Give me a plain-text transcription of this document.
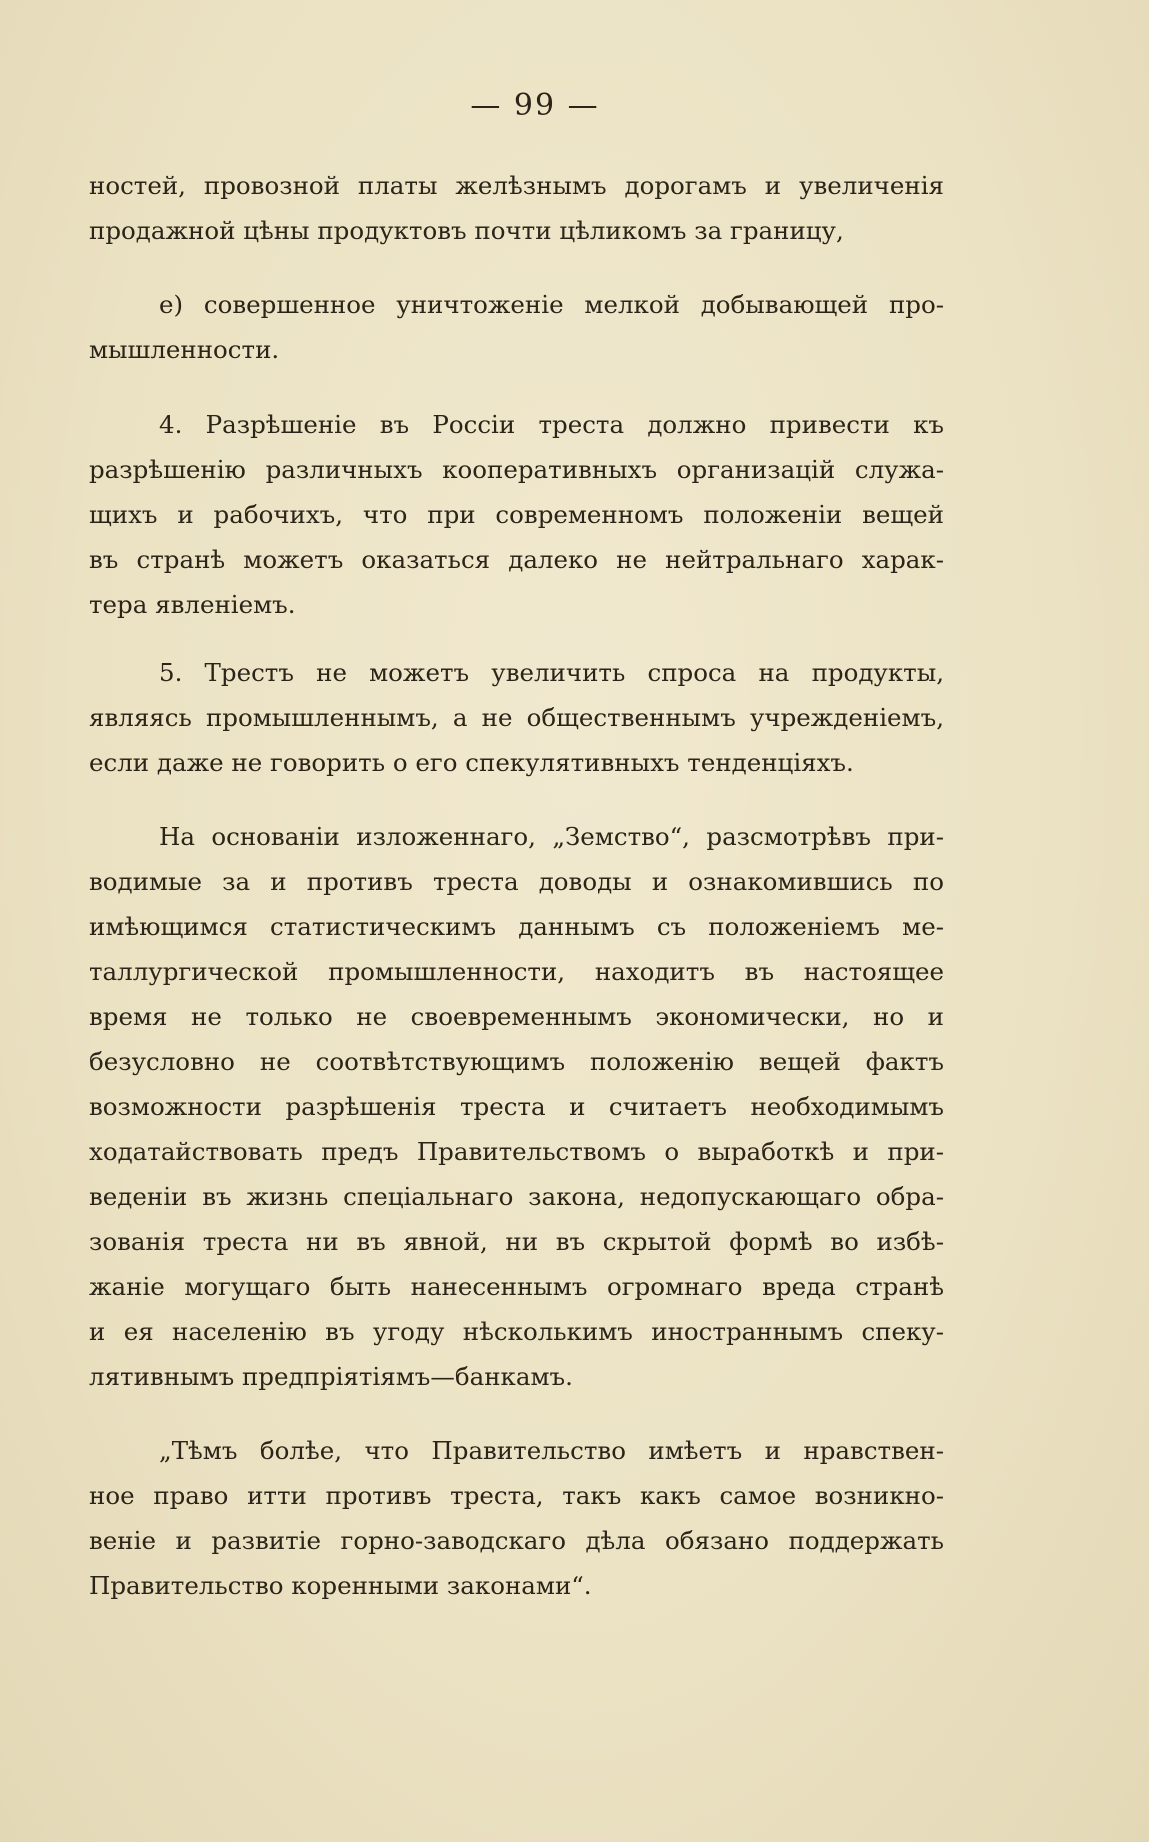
— 99 —
ностей, провозной платы желѣзнымъ дорогамъ и увеличенія
продажной цѣны продуктовъ почти цѣликомъ за границу,
е) совершенное уничтоженіе мелкой добывающей про-
мышленности.
4. Разрѣшеніе въ Россіи треста должно привести къ
разрѣшенію различныхъ кооперативныхъ организацій служа-
щихъ и рабочихъ, что при современномъ положеніи вещей
въ странѣ можетъ оказаться далеко не нейтральнаго харак-
тера явленіемъ.
5. Трестъ не можетъ увеличить спроса на продукты,
являясь промышленнымъ, а не общественнымъ учрежденіемъ,
если даже не говорить о его спекулятивныхъ тенденціяхъ.
На основаніи изложеннаго, „Земство“, разсмотрѣвъ при-
водимые за и противъ треста доводы и ознакомившись по
имѣющимся статистическимъ даннымъ съ положеніемъ ме-
таллургической промышленности, находитъ въ настоящее
время не только не своевременнымъ экономически, но и
безусловно не соотвѣтствующимъ положенію вещей фактъ
возможности разрѣшенія треста и считаетъ необходимымъ
ходатайствовать предъ Правительствомъ о выработкѣ и при-
веденіи въ жизнь спеціальнаго закона, недопускающаго обра-
зованія треста ни въ явной, ни въ скрытой формѣ во избѣ-
жаніе могущаго быть нанесеннымъ огромнаго вреда странѣ
и ея населенію въ угоду нѣсколькимъ иностраннымъ спеку-
лятивнымъ предпріятіямъ—банкамъ.
„Тѣмъ болѣе, что Правительство имѣетъ и нравствен-
ное право итти противъ треста, такъ какъ самое возникно-
веніе и развитіе горно-заводскаго дѣла обязано поддержать
Правительство коренными законами“.
